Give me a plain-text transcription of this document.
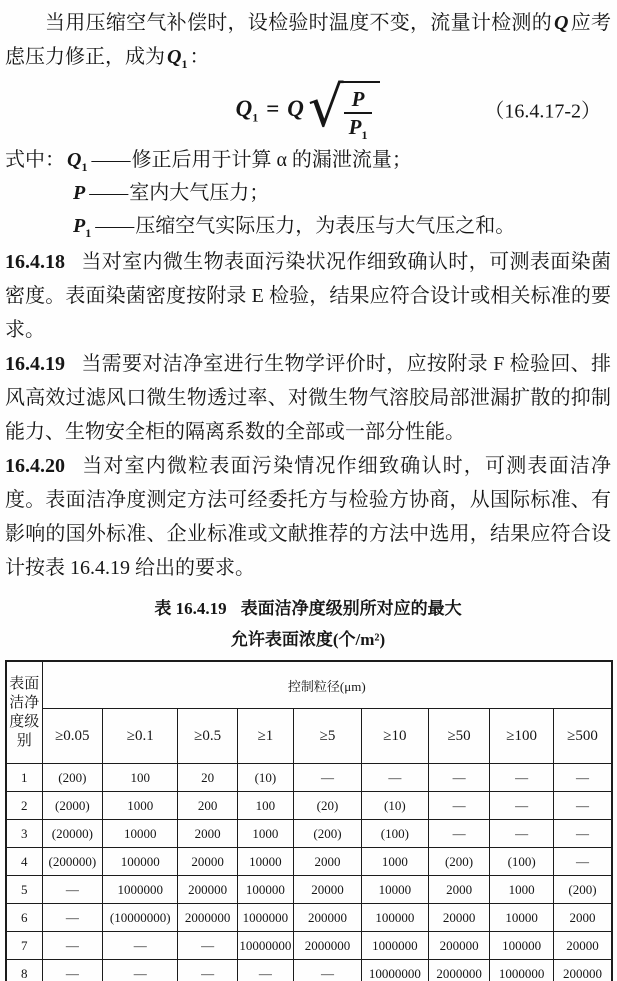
当用压缩空气补偿时，设检验时温度不变，流量计检测的 Q 应考虑压力修正，成为 $Q_1$ ：

$Q_1 = Q$ √ $\frac{P}{P_1}$	（16.4.17-2）
式中： $Q_1$ —— 修正后用于计算 α 的漏泄流量；
P —— 室内大气压力；
$P_1$ —— 压缩空气实际压力，为表压与大气压之和。

16.4.18 当对室内微生物表面污染状况作细致确认时，可测表面染菌密度。表面染菌密度按附录 E 检验，结果应符合设计或相关标准的要求。

16.4.19 当需要对洁净室进行生物学评价时，应按附录 F 检验回、排风高效过滤风口微生物透过率、对微生物气溶胶局部泄漏扩散的抑制能力、生物安全柜的隔离系数的全部或一部分性能。

16.4.20 当对室内微粒表面污染情况作细致确认时，可测表面洁净度。表面洁净度测定方法可经委托方与检验方协商，从国际标准、有影响的国外标准、企业标准或文献推荐的方法中选用，结果应符合设计按表 16.4.19 给出的要求。

表 16.4.19 表面洁净度级别所对应的最大
允许表面浓度(个/m²)
表面洁净度级别	控制粒径(μm)								
	≥0.05	≥0.1	≥0.5	≥1	≥5	≥10	≥50	≥100	≥500
1	(200)	100	20	(10)	—	—	—	—	—
2	(2000)	1000	200	100	(20)	(10)	—	—	—
3	(20000)	10000	2000	1000	(200)	(100)	—	—	—
4	(200000)	100000	20000	10000	2000	1000	(200)	(100)	—
5	—	1000000	200000	100000	20000	10000	2000	1000	(200)
6	—	(10000000)	2000000	1000000	200000	100000	20000	10000	2000
7	—	—	—	10000000	2000000	1000000	200000	100000	20000
8	—	—	—	—	—	10000000	2000000	1000000	200000
